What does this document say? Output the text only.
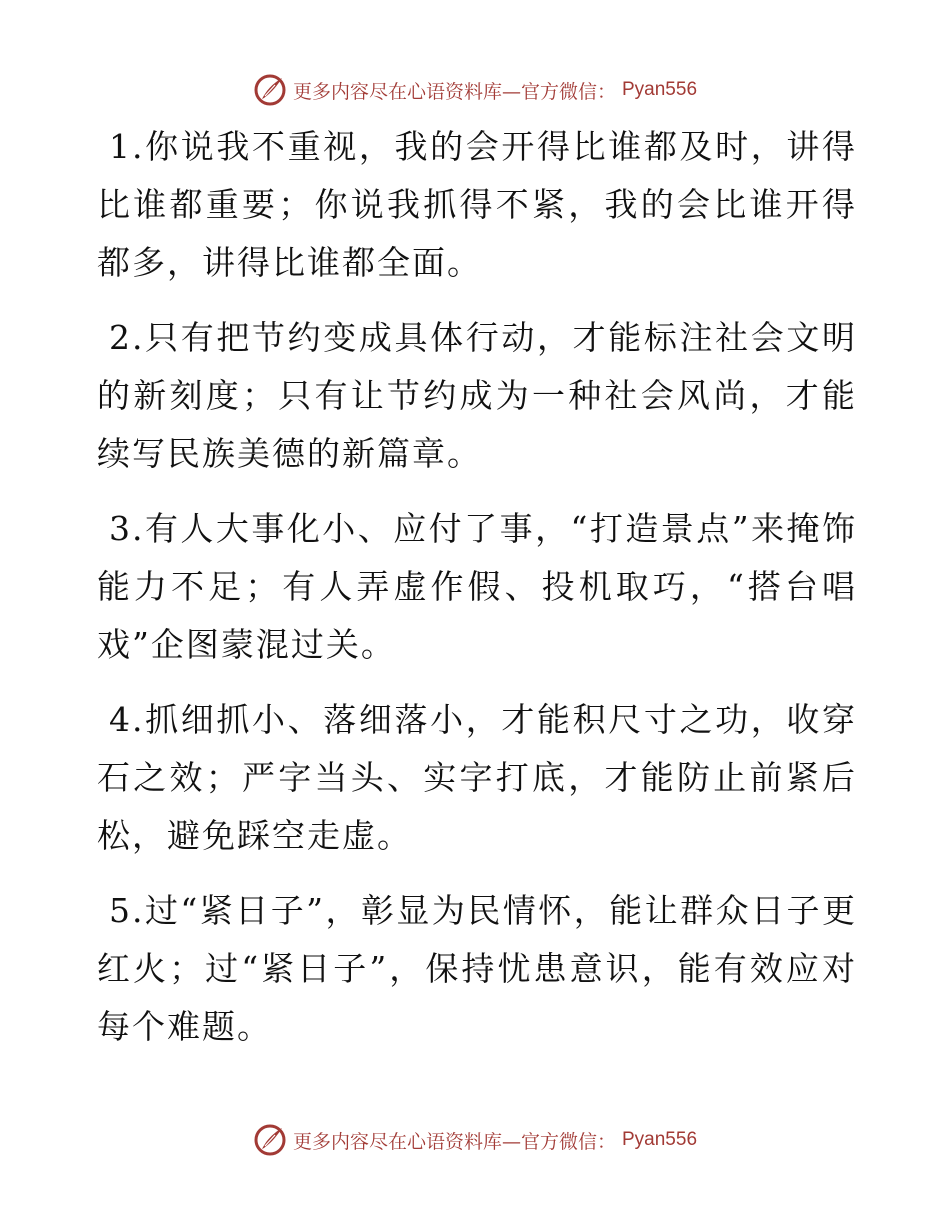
更多内容尽在心语资料库—官方微信： Pyan556

1.你说我不重视，我的会开得比谁都及时，讲得比谁都重要；你说我抓得不紧，我的会比谁开得都多，讲得比谁都全面。

2.只有把节约变成具体行动，才能标注社会文明的新刻度；只有让节约成为一种社会风尚，才能续写民族美德的新篇章。

3.有人大事化小、应付了事，“打造景点”来掩饰能力不足；有人弄虚作假、投机取巧，“搭台唱戏”企图蒙混过关。

4.抓细抓小、落细落小，才能积尺寸之功，收穿石之效；严字当头、实字打底，才能防止前紧后松，避免踩空走虚。

5.过“紧日子”，彰显为民情怀，能让群众日子更红火；过“紧日子”，保持忧患意识，能有效应对每个难题。

更多内容尽在心语资料库—官方微信： Pyan556
